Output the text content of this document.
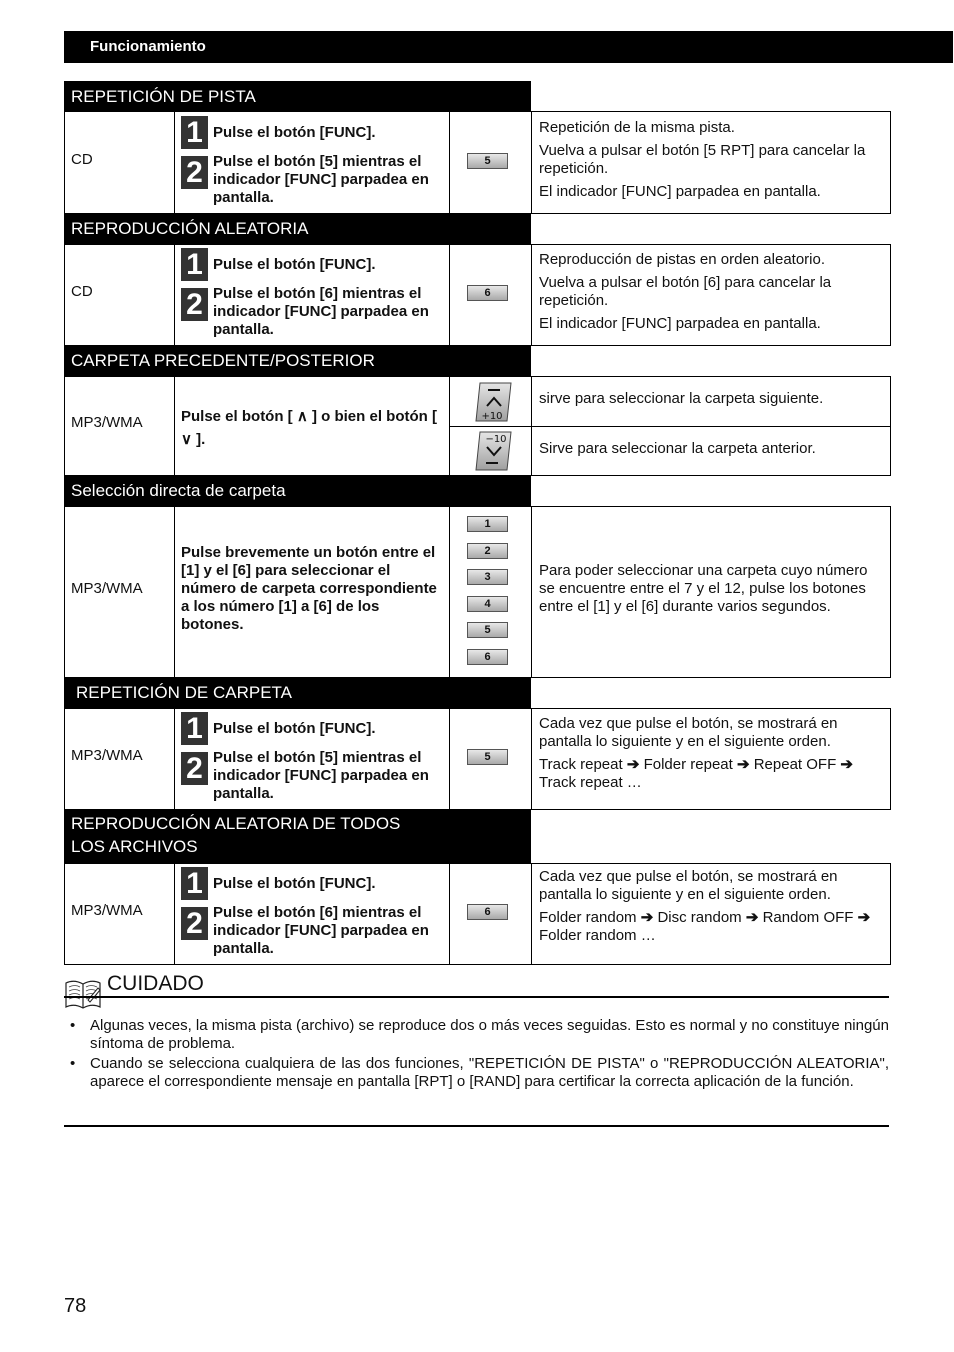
Funcionamiento
REPETICIÓN DE PISTA
CD
1 Pulse el botón [FUNC].
2 Pulse el botón [5] mientras el indicador [FUNC] parpadea en pantalla.
5

Repetición de la misma pista.

Vuelva a pulsar el botón [5 RPT] para cancelar la repetición.

El indicador [FUNC] parpadea en pantalla.

REPRODUCCIÓN ALEATORIA
CD
1 Pulse el botón [FUNC].
2 Pulse el botón [6] mientras el indicador [FUNC] parpadea en pantalla.
6

Reproducción de pistas en orden aleatorio.

Vuelva a pulsar el botón [6] para cancelar la repetición.

El indicador [FUNC] parpadea en pantalla.

CARPETA PRECEDENTE/POSTERIOR
MP3/WMA	Pulse el botón [ ∧ ] o bien el botón [ ∨ ].
+10
−10
sirve para seleccionar la carpeta siguiente.
Sirve para seleccionar la carpeta anterior.
Selección directa de carpeta
MP3/WMA
Pulse brevemente un botón entre el [1] y el [6] para seleccionar el número de carpeta correspondiente a los número [1] a [6] de los botones.
1
2
3
4
5
6
Para poder seleccionar una carpeta cuyo número se encuentre entre el 7 y el 12, pulse los botones entre el [1] y el [6] durante varios segundos.
REPETICIÓN DE CARPETA
MP3/WMA
1 Pulse el botón [FUNC].
2 Pulse el botón [5] mientras el indicador [FUNC] parpadea en pantalla.
5

Cada vez que pulse el botón, se mostrará en pantalla lo siguiente y en el siguiente orden.

Track repeat ➔ Folder repeat ➔ Repeat OFF ➔ Track repeat …

REPRODUCCIÓN ALEATORIA DE TODOS
LOS ARCHIVOS
MP3/WMA
1 Pulse el botón [FUNC].
2 Pulse el botón [6] mientras el indicador [FUNC] parpadea en pantalla.
6

Cada vez que pulse el botón, se mostrará en pantalla lo siguiente y en el siguiente orden.

Folder random ➔ Disc random ➔ Random OFF ➔ Folder random …

CUIDADO
• Algunas veces, la misma pista (archivo) se reproduce dos o más veces seguidas. Esto es normal y no constituye ningún síntoma de problema.
• Cuando se selecciona cualquiera de las dos funciones, "REPETICIÓN DE PISTA" o "REPRODUCCIÓN ALEATORIA", aparece el correspondiente mensaje en pantalla [RPT] o [RAND] para certificar la correcta aplicación de la función.
78
